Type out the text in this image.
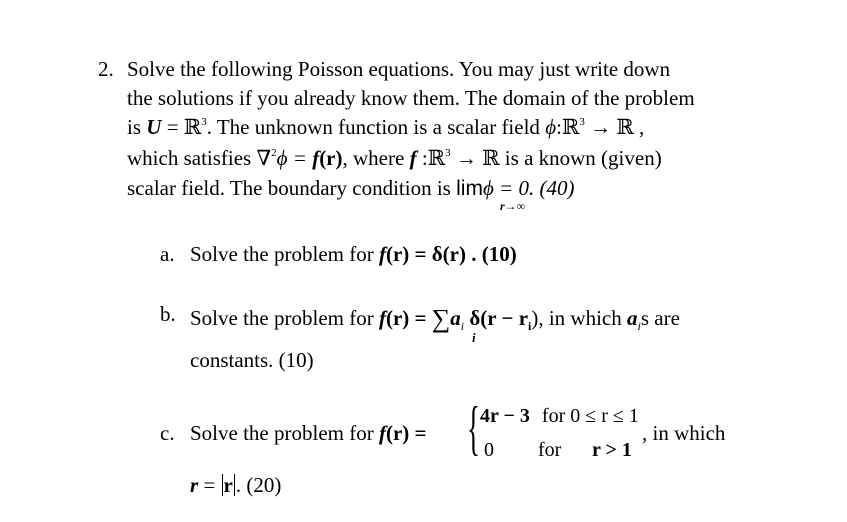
2. Solve the following Poisson equations. You may just write down
the solutions if you already know them. The domain of the problem
is U = ℝ$^3$. The unknown function is a scalar field ϕ:ℝ$^3$ → ℝ ,
which satisfies ∇$^2$ϕ = f(r), where f :ℝ$^3$ → ℝ is a known (given)
scalar field. The boundary condition is limϕ = 0. (40)
r→∞
a. Solve the problem for f(r) = δ(r) . (10)
b. Solve the problem for $f(r) = \sum a_i$ $\delta(r - r_i)$, in which $a_is$ are
i
constants. (10)
c. Solve the problem for f(r) = { 4r − 3 for 0 ≤ r ≤ 1
0 for r > 1
, in which
r = r . (20)
